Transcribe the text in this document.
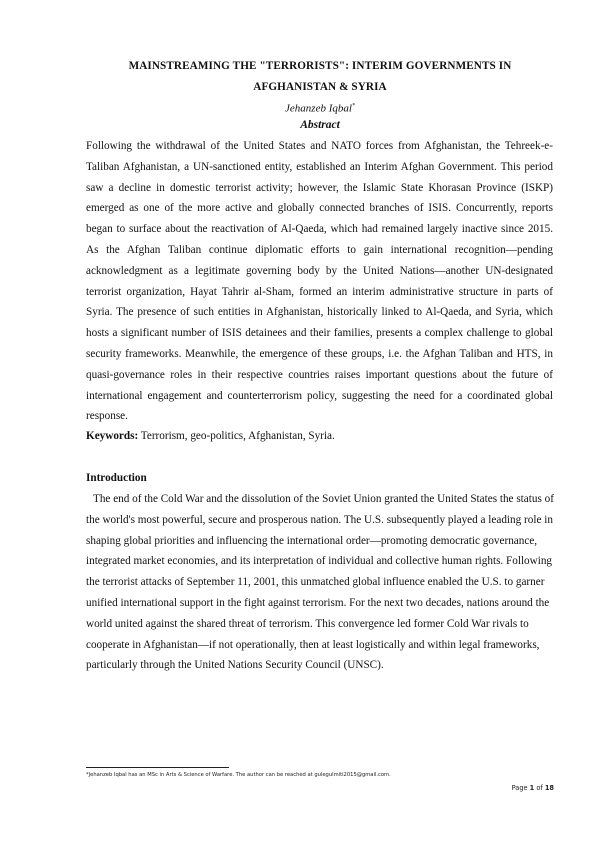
MAINSTREAMING THE "TERRORISTS": INTERIM GOVERNMENTS IN
AFGHANISTAN & SYRIA
Jehanzeb Iqbal*
Abstract

Following the withdrawal of the United States and NATO forces from Afghanistan, the Tehreek-e-Taliban Afghanistan, a UN-sanctioned entity, established an Interim Afghan Government. This period saw a decline in domestic terrorist activity; however, the Islamic State Khorasan Province (ISKP) emerged as one of the more active and globally connected branches of ISIS. Concurrently, reports began to surface about the reactivation of Al-Qaeda, which had remained largely inactive since 2015. As the Afghan Taliban continue diplomatic efforts to gain international recognition—pending acknowledgment as a legitimate governing body by the United Nations—another UN-designated terrorist organization, Hayat Tahrir al-Sham, formed an interim administrative structure in parts of Syria. The presence of such entities in Afghanistan, historically linked to Al-Qaeda, and Syria, which hosts a significant number of ISIS detainees and their families, presents a complex challenge to global security frameworks. Meanwhile, the emergence of these groups, i.e. the Afghan Taliban and HTS, in quasi-governance roles in their respective countries raises important questions about the future of international engagement and counterterrorism policy, suggesting the need for a coordinated global response.

Keywords: Terrorism, geo-politics, Afghanistan, Syria.

Introduction

The end of the Cold War and the dissolution of the Soviet Union granted the United States the status of the world's most powerful, secure and prosperous nation. The U.S. subsequently played a leading role in shaping global priorities and influencing the international order—promoting democratic governance, integrated market economies, and its interpretation of individual and collective human rights. Following the terrorist attacks of September 11, 2001, this unmatched global influence enabled the U.S. to garner unified international support in the fight against terrorism. For the next two decades, nations around the world united against the shared threat of terrorism. This convergence led former Cold War rivals to cooperate in Afghanistan—if not operationally, then at least logistically and within legal frameworks, particularly through the United Nations Security Council (UNSC).

*Jehanzeb Iqbal has an MSc in Arts & Science of Warfare. The author can be reached at gulegulmiti2015@gmail.com.
Page 1 of 18
